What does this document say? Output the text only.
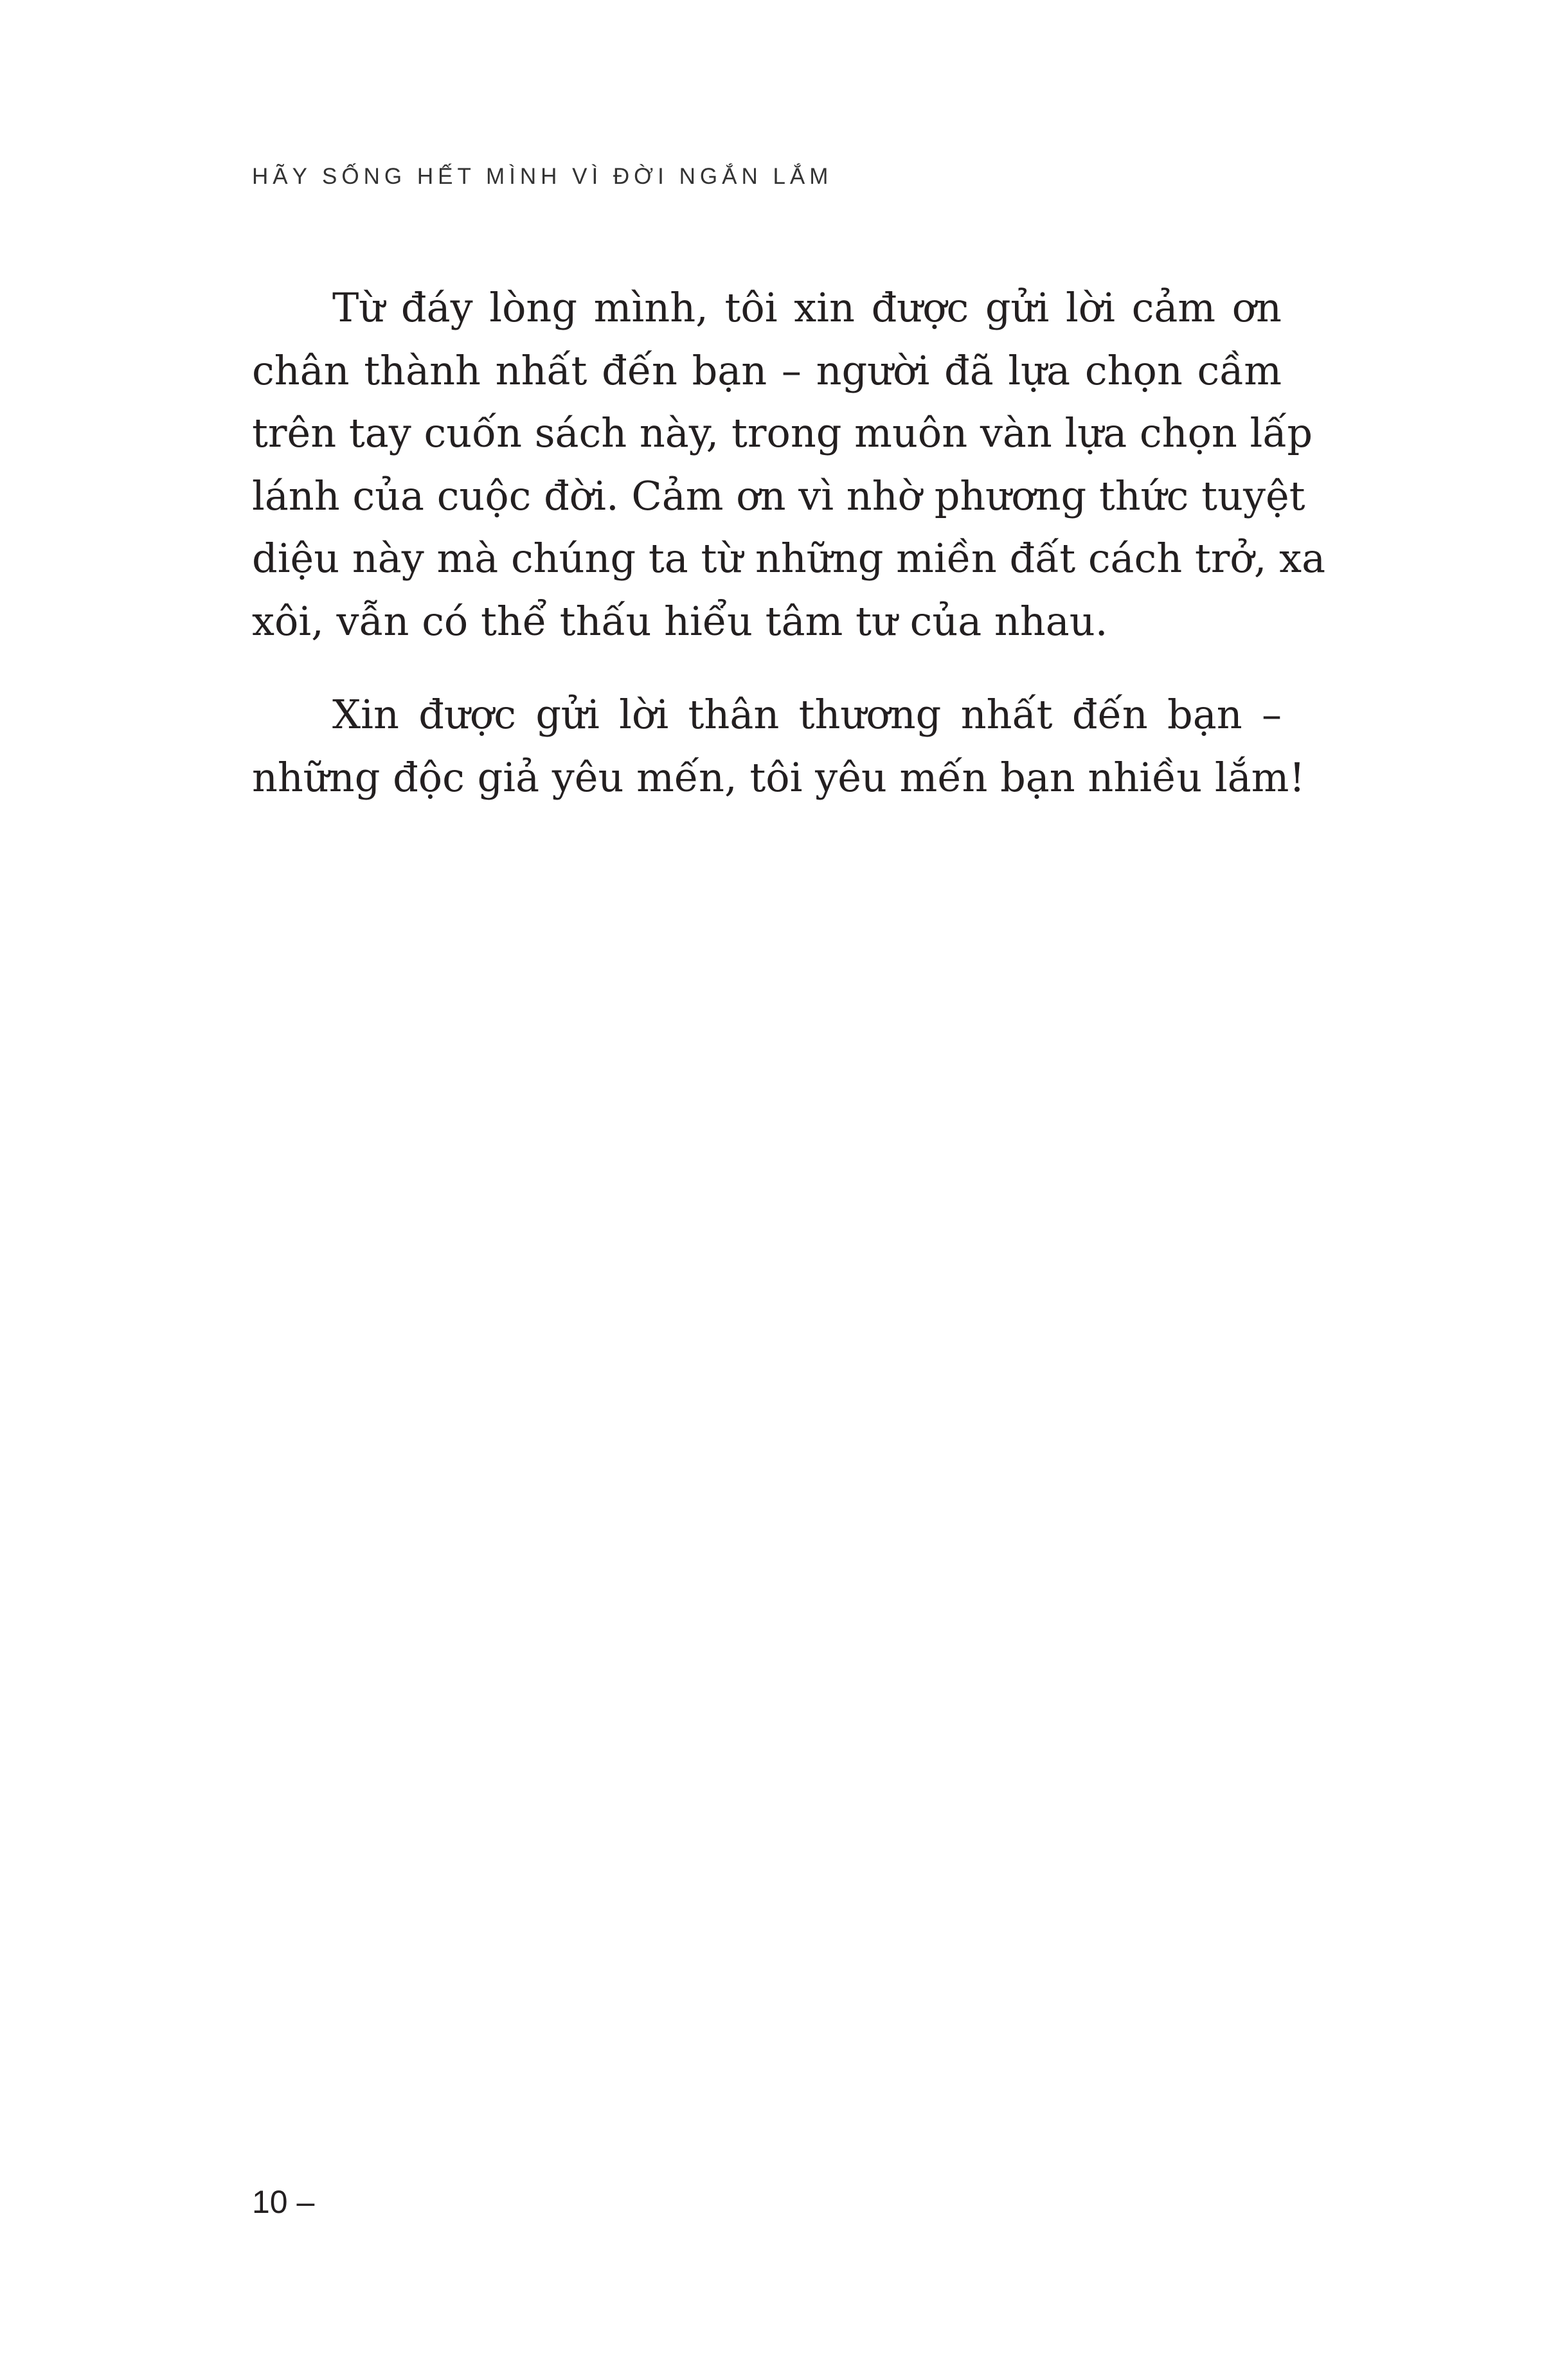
HÃY SỐNG HẾT MÌNH VÌ ĐỜI NGẮN LẮM
Từ đáy lòng mình, tôi xin được gửi lời cảm ơn
chân thành nhất đến bạn – người đã lựa chọn cầm
trên tay cuốn sách này, trong muôn vàn lựa chọn lấp
lánh của cuộc đời. Cảm ơn vì nhờ phương thức tuyệt
diệu này mà chúng ta từ những miền đất cách trở, xa
xôi, vẫn có thể thấu hiểu tâm tư của nhau.
Xin được gửi lời thân thương nhất đến bạn –
những độc giả yêu mến, tôi yêu mến bạn nhiều lắm!
10 –
